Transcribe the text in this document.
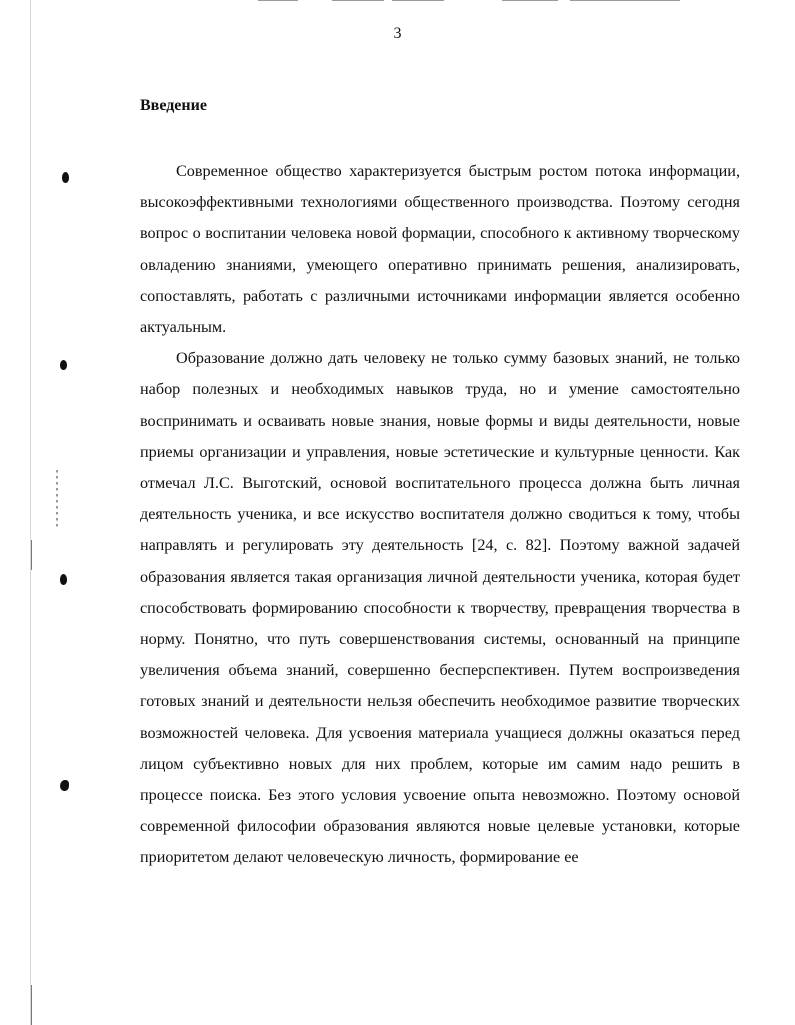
3
Введение

Современное общество характеризуется быстрым ростом потока информации, высокоэффективными технологиями общественного производства. Поэтому сегодня вопрос о воспитании человека новой формации, способного к активному творческому овладению знаниями, умеющего оперативно принимать решения, анализировать, сопоставлять, работать с различными источниками информации является особенно актуальным.

Образование должно дать человеку не только сумму базовых знаний, не только набор полезных и необходимых навыков труда, но и умение самостоятельно воспринимать и осваивать новые знания, новые формы и виды деятельности, новые приемы организации и управления, новые эстетические и культурные ценности. Как отмечал Л.С. Выготский, основой воспитательного процесса должна быть личная деятельность ученика, и все искусство воспитателя должно сводиться к тому, чтобы направлять и регулировать эту деятельность [24, с. 82]. Поэтому важной задачей образования является такая организация личной деятельности ученика, которая будет способствовать формированию способности к творчеству, превращения творчества в норму. Понятно, что путь совершенствования системы, основанный на принципе увеличения объема знаний, совершенно бесперспективен. Путем воспроизведения готовых знаний и деятельности нельзя обеспечить необходимое развитие творческих возможностей человека. Для усвоения материала учащиеся должны оказаться перед лицом субъективно новых для них проблем, которые им самим надо решить в процессе поиска. Без этого условия усвоение опыта невозможно. Поэтому основой современной философии образования являются новые целевые установки, которые приоритетом делают человеческую личность, формирование ее
